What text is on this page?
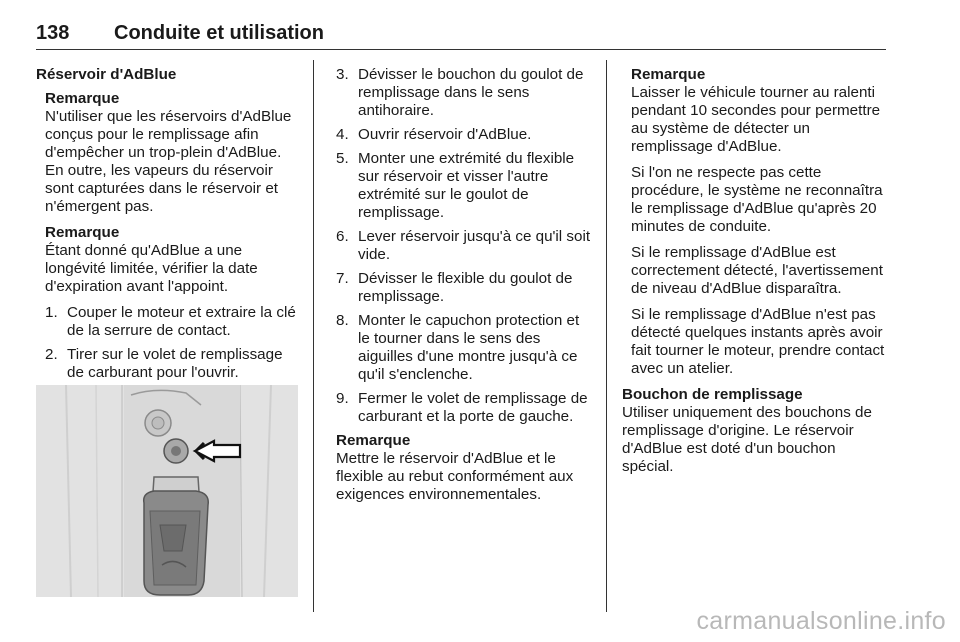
138 Conduite et utilisation
Réservoir d'AdBlue
Remarque
N'utiliser que les réservoirs d'AdBlue conçus pour le remplissage afin d'empêcher un trop-plein d'AdBlue. En outre, les vapeurs du réservoir sont capturées dans le réservoir et n'émergent pas.
Remarque
Étant donné qu'AdBlue a une longévité limitée, vérifier la date d'expiration avant l'appoint.
1. Couper le moteur et extraire la clé de la serrure de contact.
2. Tirer sur le volet de remplissage de carburant pour l'ouvrir.
3. Dévisser le bouchon du goulot de remplissage dans le sens antihoraire.
4. Ouvrir réservoir d'AdBlue.
5. Monter une extrémité du flexible sur réservoir et visser l'autre extrémité sur le goulot de remplissage.
6. Lever réservoir jusqu'à ce qu'il soit vide.
7. Dévisser le flexible du goulot de remplissage.
8. Monter le capuchon protection et le tourner dans le sens des aiguilles d'une montre jusqu'à ce qu'il s'enclenche.
9. Fermer le volet de remplissage de carburant et la porte de gauche.
Remarque
Mettre le réservoir d'AdBlue et le flexible au rebut conformément aux exigences environnementales.
Remarque

Laisser le véhicule tourner au ralenti pendant 10 secondes pour permettre au système de détecter un remplissage d'AdBlue.

Si l'on ne respecte pas cette procédure, le système ne reconnaîtra le remplissage d'AdBlue qu'après 20 minutes de conduite.

Si le remplissage d'AdBlue est correctement détecté, l'avertissement de niveau d'AdBlue disparaîtra.

Si le remplissage d'AdBlue n'est pas détecté quelques instants après avoir fait tourner le moteur, prendre contact avec un atelier.

Bouchon de remplissage

Utiliser uniquement des bouchons de remplissage d'origine. Le réservoir d'AdBlue est doté d'un bouchon spécial.

carmanualsonline.info
